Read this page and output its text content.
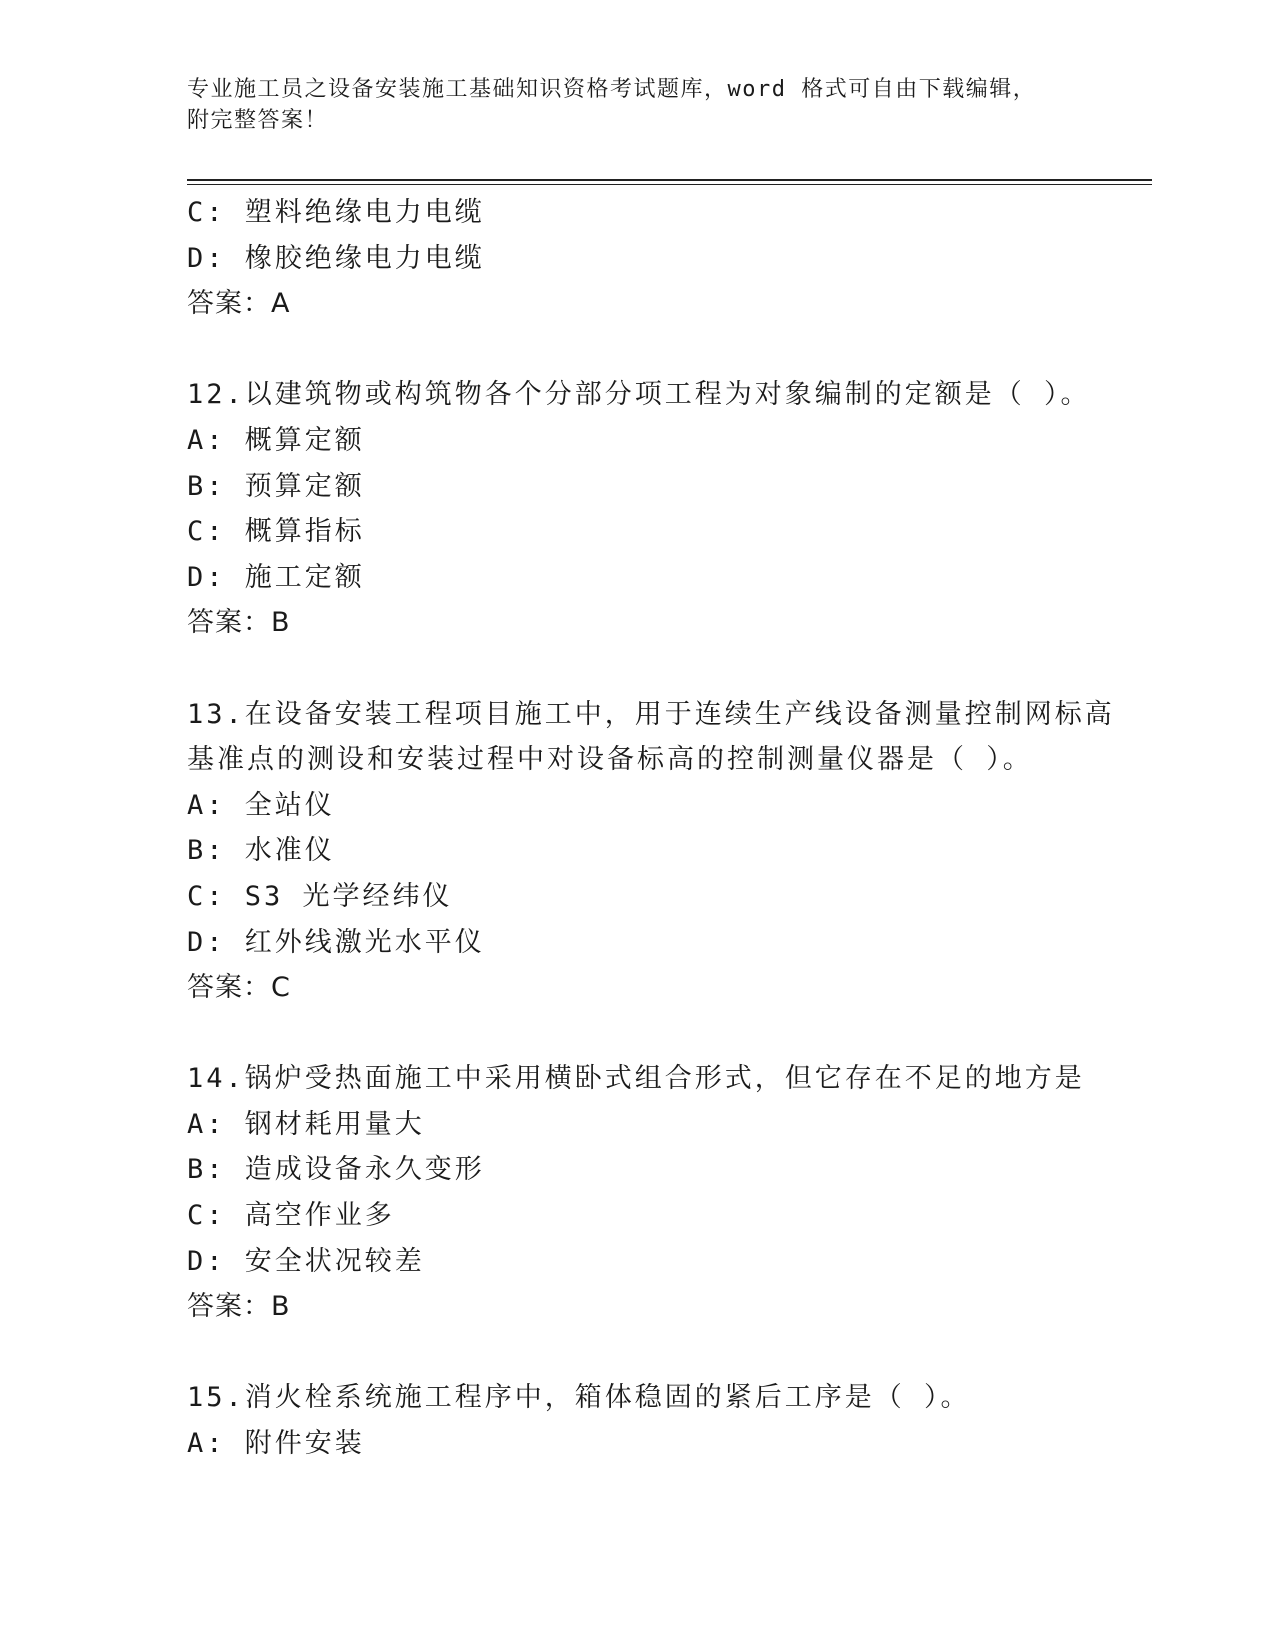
专业施工员之设备安装施工基础知识资格考试题库，word 格式可自由下载编辑，
附完整答案！
C: 塑料绝缘电力电缆
D: 橡胶绝缘电力电缆
答案：A
12.以建筑物或构筑物各个分部分项工程为对象编制的定额是（ ）。
A: 概算定额
B: 预算定额
C: 概算指标
D: 施工定额
答案：B
13.在设备安装工程项目施工中，用于连续生产线设备测量控制网标高
基准点的测设和安装过程中对设备标高的控制测量仪器是（ ）。
A: 全站仪
B: 水准仪
C: S3 光学经纬仪
D: 红外线激光水平仪
答案：C
14.锅炉受热面施工中采用横卧式组合形式，但它存在不足的地方是
A: 钢材耗用量大
B: 造成设备永久变形
C: 高空作业多
D: 安全状况较差
答案：B
15.消火栓系统施工程序中，箱体稳固的紧后工序是（ ）。
A: 附件安装
